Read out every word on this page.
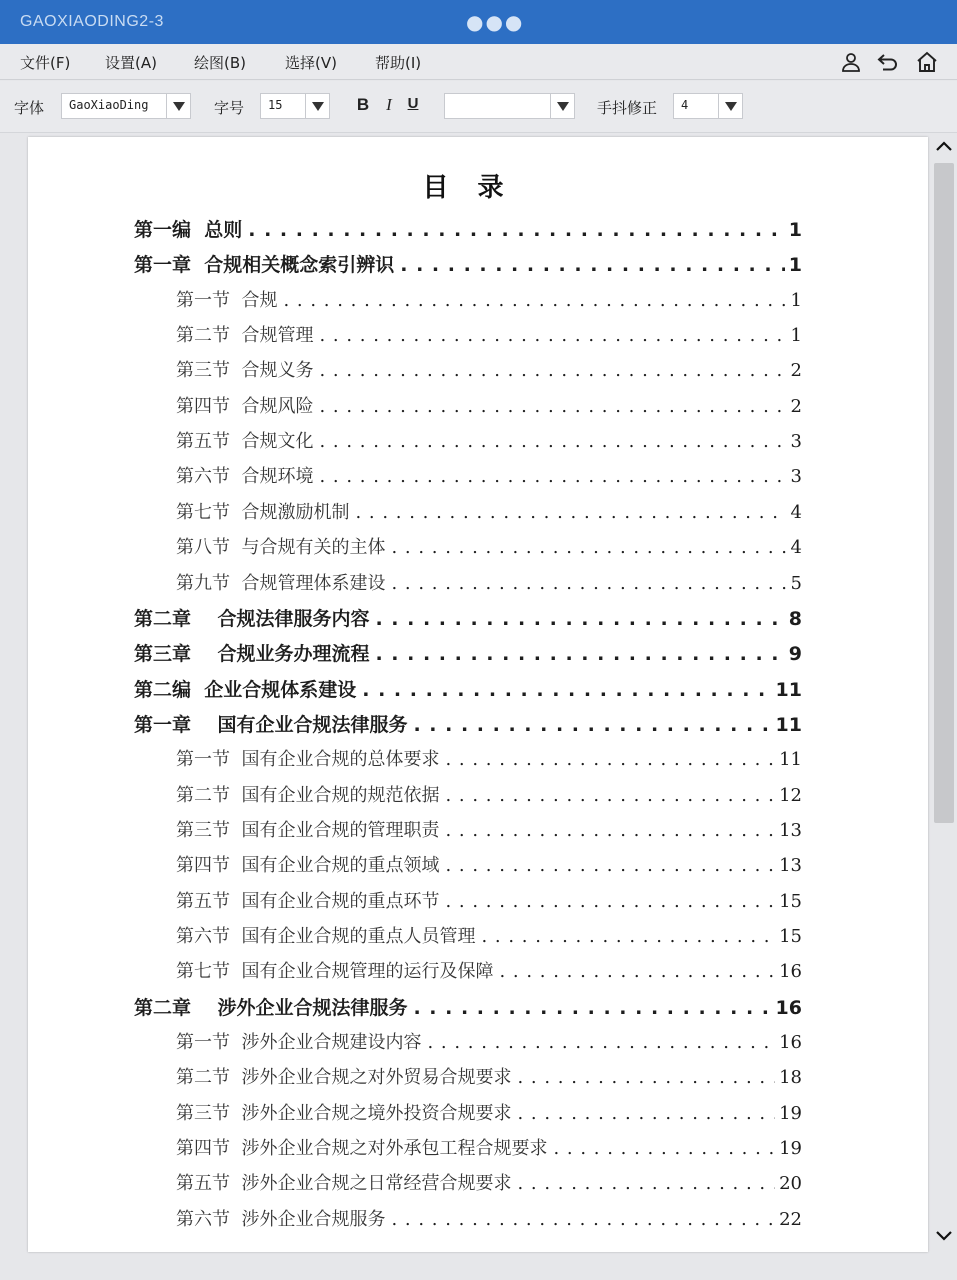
GAOXIAODING2-3	●●●
文件(F) 设置(A) 绘图(B)	选择(V)	帮助(I)
字体 GaoXiaoDing	字号 15	B	I	U	手抖修正 4
目 录
第一编  总则 . . .	1
第一章  合规相关概念索引辨识 . . .	1
第一节  合规 . . .	1
第二节  合规管理 . . .	1
第三节  合规义务 . . .	2
第四节  合规风险 . . .	2
第五节  合规文化 . . .	3
第六节  合规环境 . . .	3
第七节  合规激励机制 . . .	4
第八节  与合规有关的主体 . . .	4
第九节  合规管理体系建设 . . .	5
第二章    合规法律服务内容 . . .	8
第三章    合规业务办理流程 . . .	9
第二编  企业合规体系建设 . . .	11
第一章    国有企业合规法律服务 . . .	11
第一节  国有企业合规的总体要求 . . .	11
第二节  国有企业合规的规范依据 . . .	12
第三节  国有企业合规的管理职责 . . .	13
第四节  国有企业合规的重点领域 . . .	13
第五节  国有企业合规的重点环节 . . .	15
第六节  国有企业合规的重点人员管理 . . .	15
第七节  国有企业合规管理的运行及保障 . . .	16
第二章    涉外企业合规法律服务 . . .	16
第一节  涉外企业合规建设内容 . . .	16
第二节  涉外企业合规之对外贸易合规要求 . . .	18
第三节  涉外企业合规之境外投资合规要求 . . .	19
第四节  涉外企业合规之对外承包工程合规要求 . . .	19
第五节  涉外企业合规之日常经营合规要求 . . .	20
第六节  涉外企业合规服务 . . .	22
